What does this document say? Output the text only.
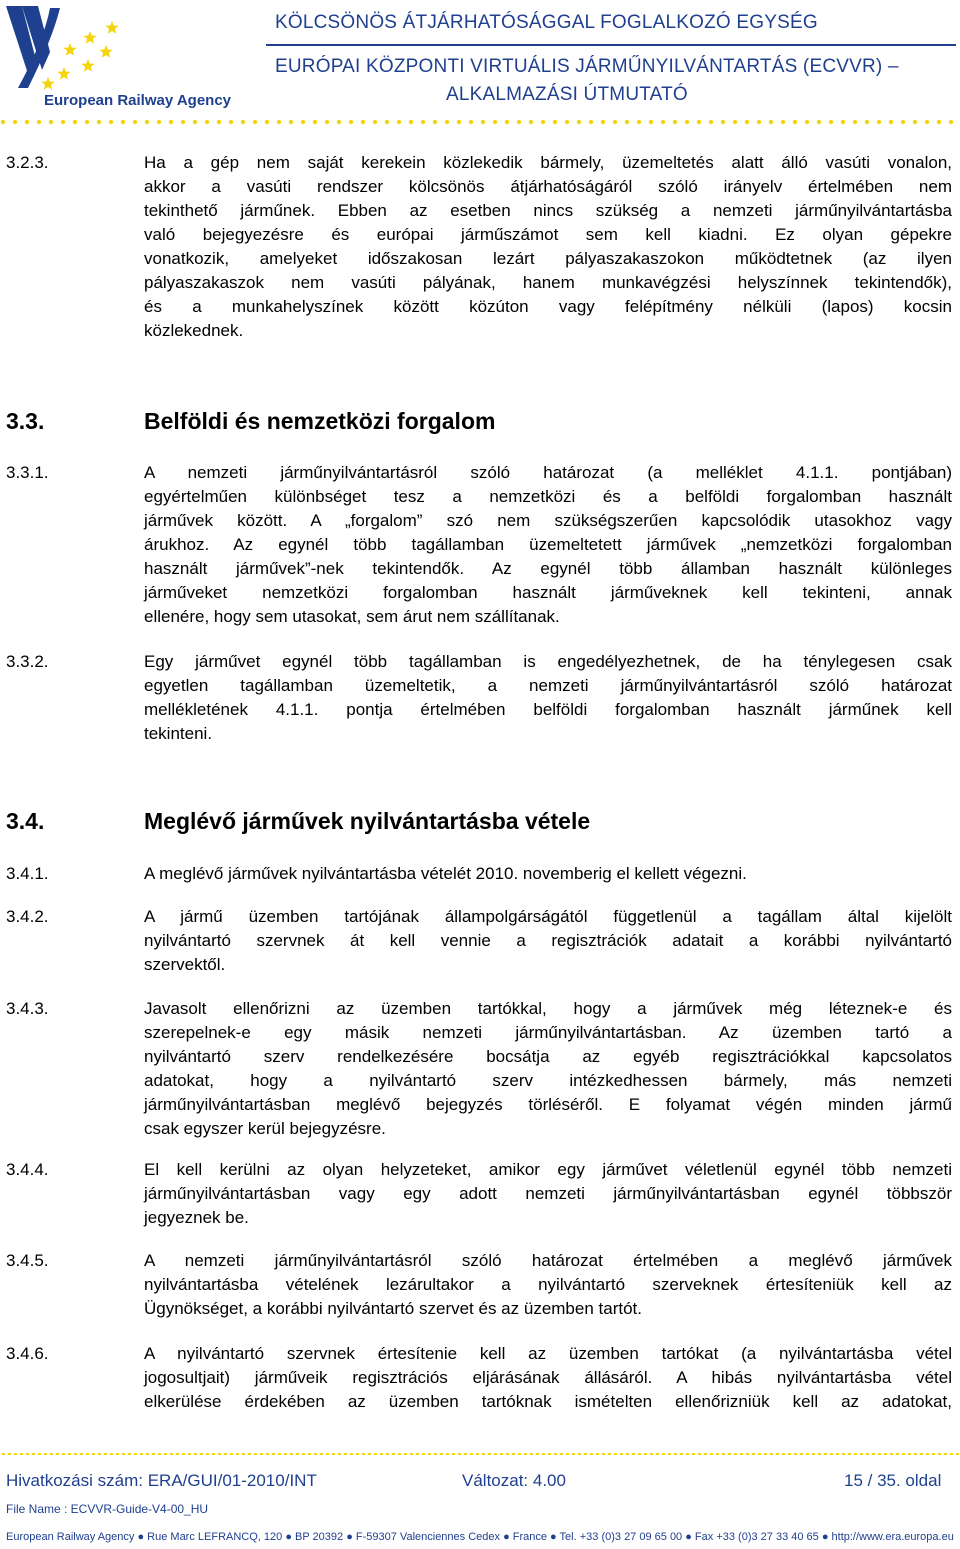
European Railway Agency
KÖLCSÖNÖS ÁTJÁRHATÓSÁGGAL FOGLALKOZÓ EGYSÉG
EURÓPAI KÖZPONTI VIRTUÁLIS JÁRMŰNYILVÁNTARTÁS (ECVVR) –
ALKALMAZÁSI ÚTMUTATÓ
3.2.3.	Ha a gép nem saját kerekein közlekedik bármely, üzemeltetés alatt álló vasúti vonalon,
akkor a vasúti rendszer kölcsönös átjárhatóságáról szóló irányelv értelmében nem
tekinthető járműnek. Ebben az esetben nincs szükség a nemzeti járműnyilvántartásba
való bejegyezésre és európai járműszámot sem kell kiadni. Ez olyan gépekre
vonatkozik, amelyeket időszakosan lezárt pályaszakaszokon működtetnek (az ilyen
pályaszakaszok nem vasúti pályának, hanem munkavégzési helyszínnek tekintendők),
és a munkahelyszínek között közúton vagy felépítmény nélküli (lapos) kocsin
közlekednek.
3.3.	Belföldi és nemzetközi forgalom
3.3.1.	A nemzeti járműnyilvántartásról szóló határozat (a melléklet 4.1.1. pontjában)
egyértelműen különbséget tesz a nemzetközi és a belföldi forgalomban használt
járművek között. A „forgalom” szó nem szükségszerűen kapcsolódik utasokhoz vagy
árukhoz. Az egynél több tagállamban üzemeltetett járművek „nemzetközi forgalomban
használt járművek”-nek tekintendők. Az egynél több államban használt különleges
járműveket nemzetközi forgalomban használt járműveknek kell tekinteni, annak
ellenére, hogy sem utasokat, sem árut nem szállítanak.
3.3.2.	Egy járművet egynél több tagállamban is engedélyezhetnek, de ha ténylegesen csak
egyetlen tagállamban üzemeltetik, a nemzeti járműnyilvántartásról szóló határozat
mellékletének 4.1.1. pontja értelmében belföldi forgalomban használt járműnek kell
tekinteni.
3.4.	Meglévő járművek nyilvántartásba vétele
3.4.1.	A meglévő járművek nyilvántartásba vételét 2010. novemberig el kellett végezni.
3.4.2.	A jármű üzemben tartójának állampolgárságától függetlenül a tagállam által kijelölt
nyilvántartó szervnek át kell vennie a regisztrációk adatait a korábbi nyilvántartó
szervektől.
3.4.3.	Javasolt ellenőrizni az üzemben tartókkal, hogy a járművek még léteznek-e és
szerepelnek-e egy másik nemzeti járműnyilvántartásban. Az üzemben tartó a
nyilvántartó szerv rendelkezésére bocsátja az egyéb regisztrációkkal kapcsolatos
adatokat, hogy a nyilvántartó szerv intézkedhessen bármely, más nemzeti
járműnyilvántartásban meglévő bejegyzés törléséről. E folyamat végén minden jármű
csak egyszer kerül bejegyzésre.
3.4.4.	El kell kerülni az olyan helyzeteket, amikor egy járművet véletlenül egynél több nemzeti
járműnyilvántartásban vagy egy adott nemzeti járműnyilvántartásban egynél többször
jegyeznek be.
3.4.5.	A nemzeti járműnyilvántartásról szóló határozat értelmében a meglévő járművek
nyilvántartásba vételének lezárultakor a nyilvántartó szerveknek értesíteniük kell az
Ügynökséget, a korábbi nyilvántartó szervet és az üzemben tartót.
3.4.6.	A nyilvántartó szervnek értesítenie kell az üzemben tartókat (a nyilvántartásba vétel
jogosultjait) járműveik regisztrációs eljárásának állásáról. A hibás nyilvántartásba vétel
elkerülése érdekében az üzemben tartóknak ismételten ellenőrizniük kell az adatokat,
Hivatkozási szám: ERA/GUI/01-2010/INT	Változat: 4.00	15 / 35. oldal
File Name : ECVVR-Guide-V4-00_HU
European Railway Agency ● Rue Marc LEFRANCQ, 120 ● BP 20392 ● F-59307 Valenciennes Cedex ● France ● Tel. +33 (0)3 27 09 65 00 ● Fax +33 (0)3 27 33 40 65 ● http://www.era.europa.eu
